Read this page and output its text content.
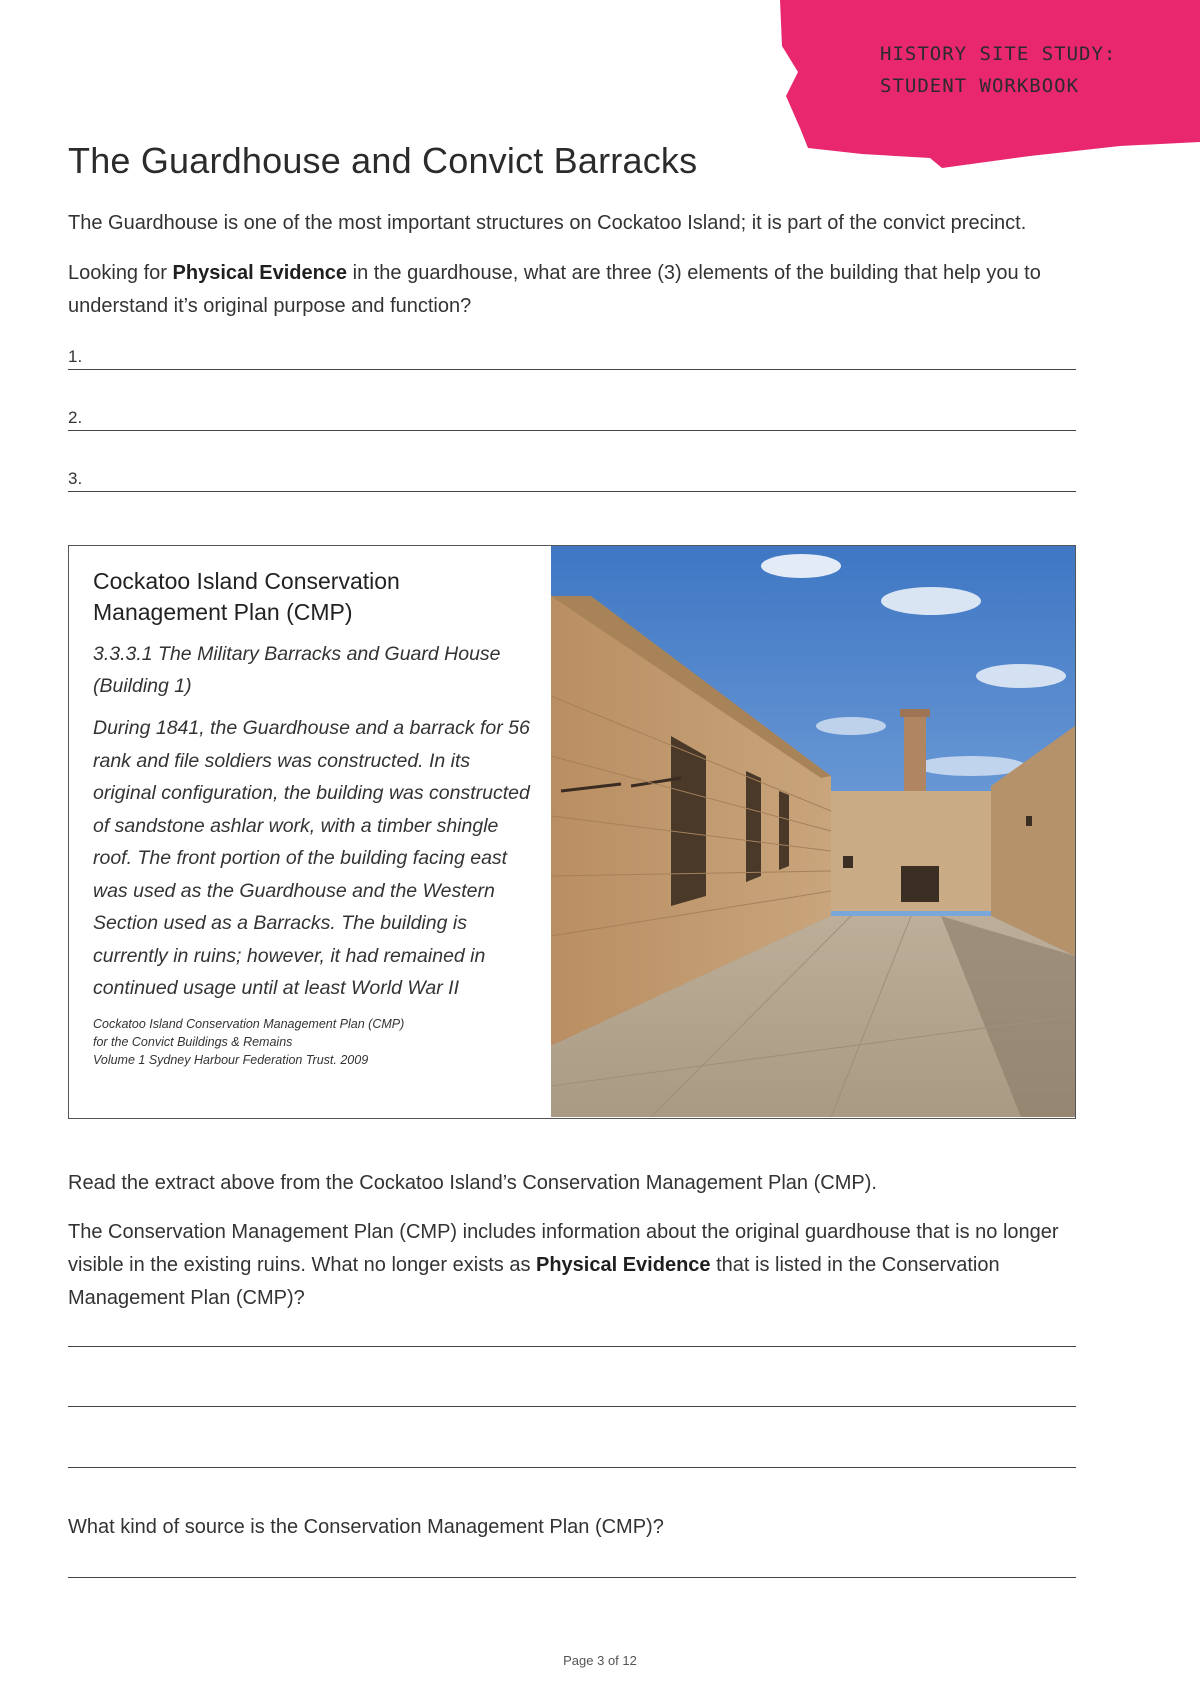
HISTORY SITE STUDY:
STUDENT WORKBOOK
The Guardhouse and Convict Barracks

The Guardhouse is one of the most important structures on Cockatoo Island; it is part of the convict precinct.

Looking for Physical Evidence in the guardhouse, what are three (3) elements of the building that help you to understand it’s original purpose and function?

1.
2.
3.
Cockatoo Island Conservation Management Plan (CMP)

3.3.3.1 The Military Barracks and Guard House (Building 1)

During 1841, the Guardhouse and a barrack for 56 rank and file soldiers was constructed. In its original configuration, the building was constructed of sandstone ashlar work, with a timber shingle roof. The front portion of the building facing east was used as the Guardhouse and the Western Section used as a Barracks. The building is currently in ruins; however, it had remained in continued usage until at least World War II

Cockatoo Island Conservation Management Plan (CMP)
for the Convict Buildings & Remains
Volume 1 Sydney Harbour Federation Trust. 2009

Read the extract above from the Cockatoo Island’s Conservation Management Plan (CMP).

The Conservation Management Plan (CMP) includes information about the original guardhouse that is no longer visible in the existing ruins. What no longer exists as Physical Evidence that is listed in the Conservation Management Plan (CMP)?

What kind of source is the Conservation Management Plan (CMP)?

Page 3 of 12
